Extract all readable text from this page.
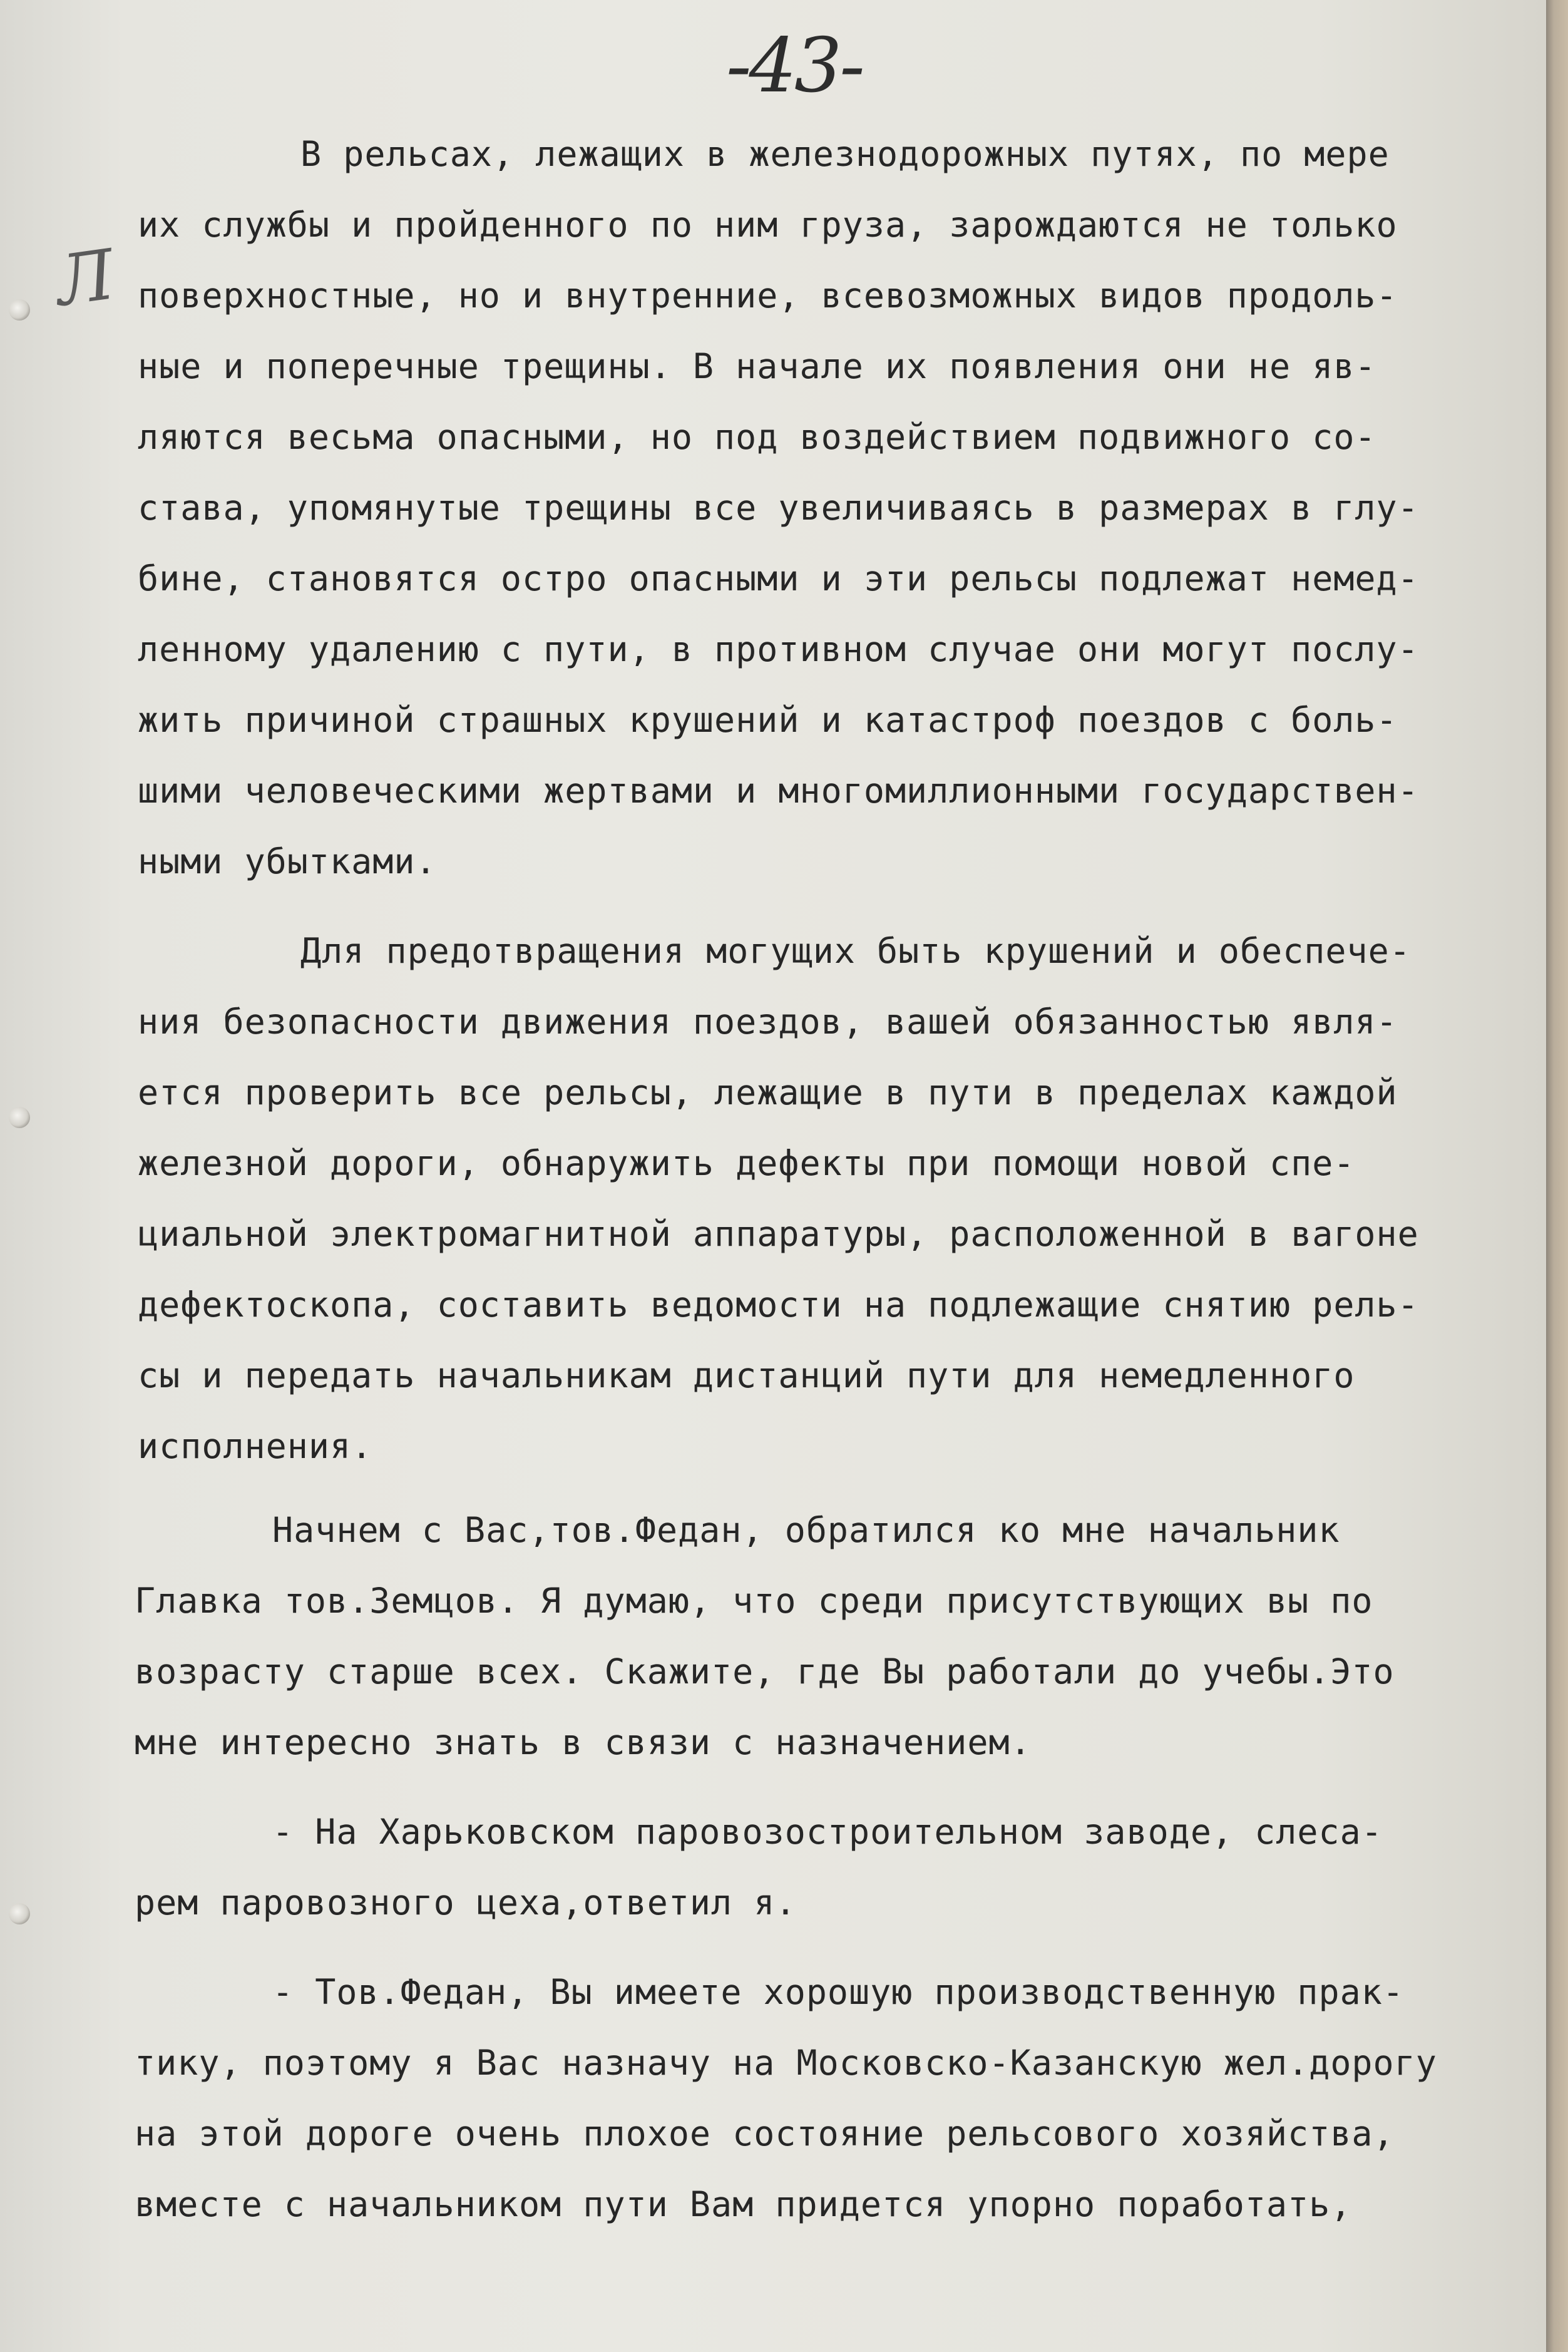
-43-
Л
В рельсах, лежащих в железнодорожных путях, по мере
их службы и пройденного по ним груза, зарождаются не только
поверхностные, но и внутренние, всевозможных видов продоль-
ные и поперечные трещины. В начале их появления они не яв-
ляются весьма опасными, но под воздействием подвижного со-
става, упомянутые трещины все увеличиваясь в размерах в глу-
бине, становятся остро опасными и эти рельсы подлежат немед-
ленному удалению с пути, в противном случае они могут послу-
жить причиной страшных крушений и катастроф поездов с боль-
шими человеческими жертвами и многомиллионными государствен-
ными убытками.
Для предотвращения могущих быть крушений и обеспече-
ния безопасности движения поездов, вашей обязанностью явля-
ется проверить все рельсы, лежащие в пути в пределах каждой
железной дороги, обнаружить дефекты при помощи новой спе-
циальной электромагнитной аппаратуры, расположенной в вагоне
дефектоскопа, составить ведомости на подлежащие снятию рель-
сы и передать начальникам дистанций пути для немедленного
исполнения.
Начнем с Вас,тов.Федан, обратился ко мне начальник
Главка тов.Земцов. Я думаю, что среди присутствующих вы по
возрасту старше всех. Скажите, где Вы работали до учебы.Это
мне интересно знать в связи с назначением.
- На Харьковском паровозостроительном заводе, слеса-
рем паровозного цеха,ответил я.
- Тов.Федан, Вы имеете хорошую производственную прак-
тику, поэтому я Вас назначу на Московско-Казанскую жел.дорогу
на этой дороге очень плохое состояние рельсового хозяйства,
вместе с начальником пути Вам придется упорно поработать,
